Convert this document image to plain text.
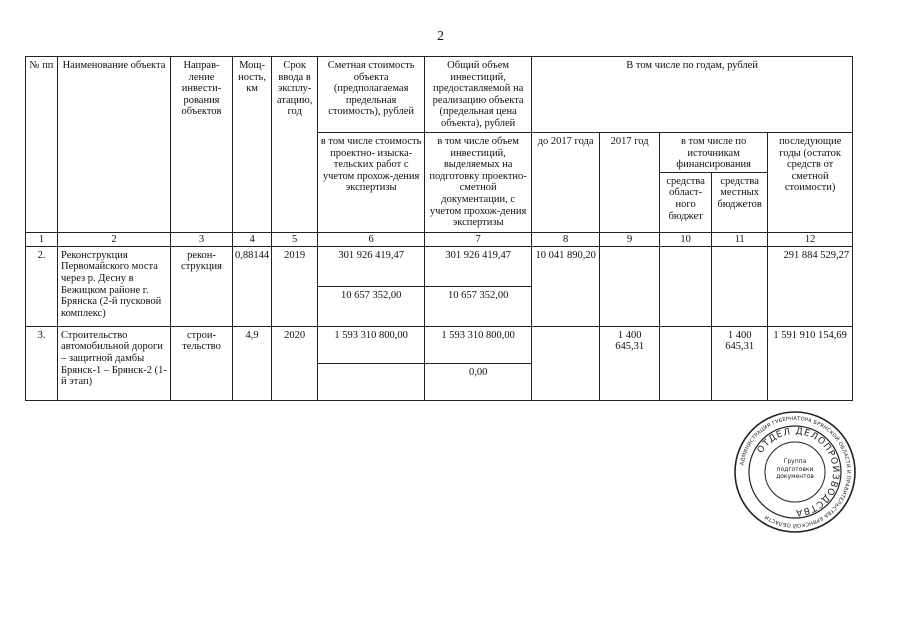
2
№ пп	Наименование объекта	Направ-ление инвести-рования объектов	Мощ-ность, км	Срок ввода в эксплу-атацию, год	Сметная стоимость объекта (предполагаемая предельная стоимость), рублей	Общий объем инвестиций, предоставляемой на реализацию объекта (предельная цена объекта), рублей	В том числе по годам, рублей				
					в том числе стоимость проектно- изыска-тельских работ с учетом прохож-дения экспертизы	в том числе объем инвестиций, выделяемых на подготовку проектно-сметной документации, с учетом прохож-дения экспертизы	до 2017 года	2017 год	в том числе по источникам финансирования		последующие годы (остаток средств от сметной стоимости)
									средства област-ного бюджет	средства местных бюджетов	
1	2	3	4	5	6	7	8	9	10	11	12
2.	Реконструкция Первомайского моста через р. Десну в Бежицком районе г. Брянска (2-й пусковой комплекс)	рекон-струкция	0,88144	2019	301 926 419,47	301 926 419,47	10 041 890,20				291 884 529,27
					10 657 352,00	10 657 352,00					
3.	Строительство автомобильной дороги – защитной дамбы Брянск-1 – Брянск-2 (1-й этап)	строи-тельство	4,9	2020	1 593 310 800,00	1 593 310 800,00		1 400 645,31		1 400 645,31	1 591 910 154,69
						0,00					
АДМИНИСТРАЦИЯ ГУБЕРНАТОРА БРЯНСКОЙ ОБЛАСТИ И ПРАВИТЕЛЬСТВА БРЯНСКОЙ ОБЛАСТИ
ОТДЕЛ ДЕЛОПРОИЗВОДСТВА
Группа подготовки документов
